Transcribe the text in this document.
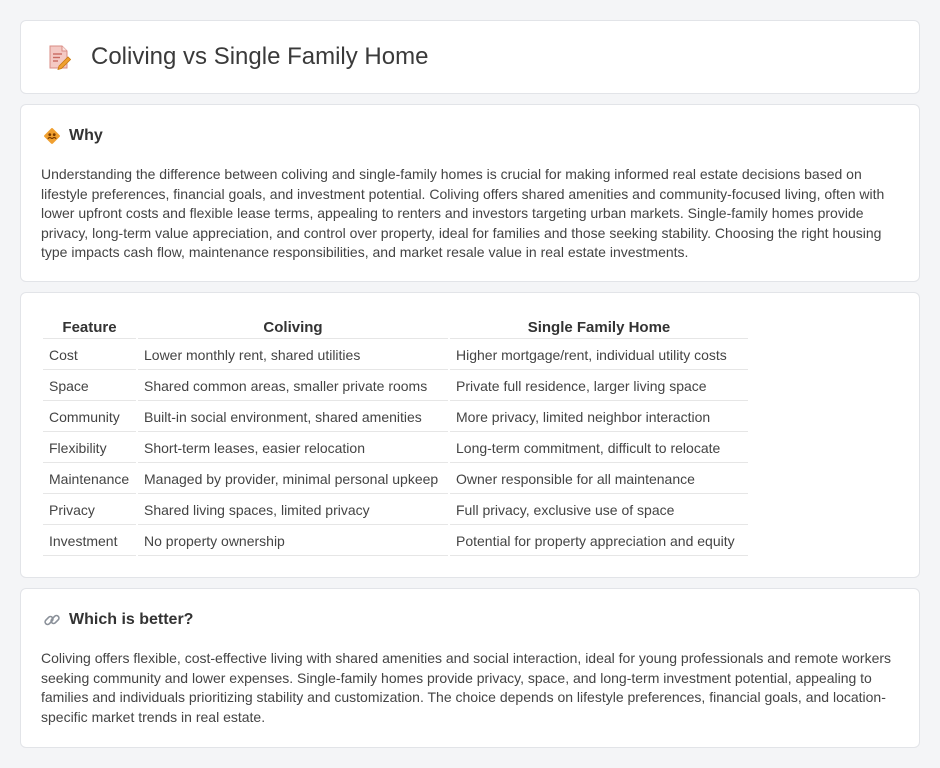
Coliving vs Single Family Home
Why

Understanding the difference between coliving and single-family homes is crucial for making informed real estate decisions based on lifestyle preferences, financial goals, and investment potential. Coliving offers shared amenities and community-focused living, often with lower upfront costs and flexible lease terms, appealing to renters and investors targeting urban markets. Single-family homes provide privacy, long-term value appreciation, and control over property, ideal for families and those seeking stability. Choosing the right housing type impacts cash flow, maintenance responsibilities, and market resale value in real estate investments.

Feature	Coliving	Single Family Home
Cost	Lower monthly rent, shared utilities	Higher mortgage/rent, individual utility costs
Space	Shared common areas, smaller private rooms	Private full residence, larger living space
Community	Built-in social environment, shared amenities	More privacy, limited neighbor interaction
Flexibility	Short-term leases, easier relocation	Long-term commitment, difficult to relocate
Maintenance	Managed by provider, minimal personal upkeep	Owner responsible for all maintenance
Privacy	Shared living spaces, limited privacy	Full privacy, exclusive use of space
Investment	No property ownership	Potential for property appreciation and equity
Which is better?

Coliving offers flexible, cost-effective living with shared amenities and social interaction, ideal for young professionals and remote workers seeking community and lower expenses. Single-family homes provide privacy, space, and long-term investment potential, appealing to families and individuals prioritizing stability and customization. The choice depends on lifestyle preferences, financial goals, and location-specific market trends in real estate.
